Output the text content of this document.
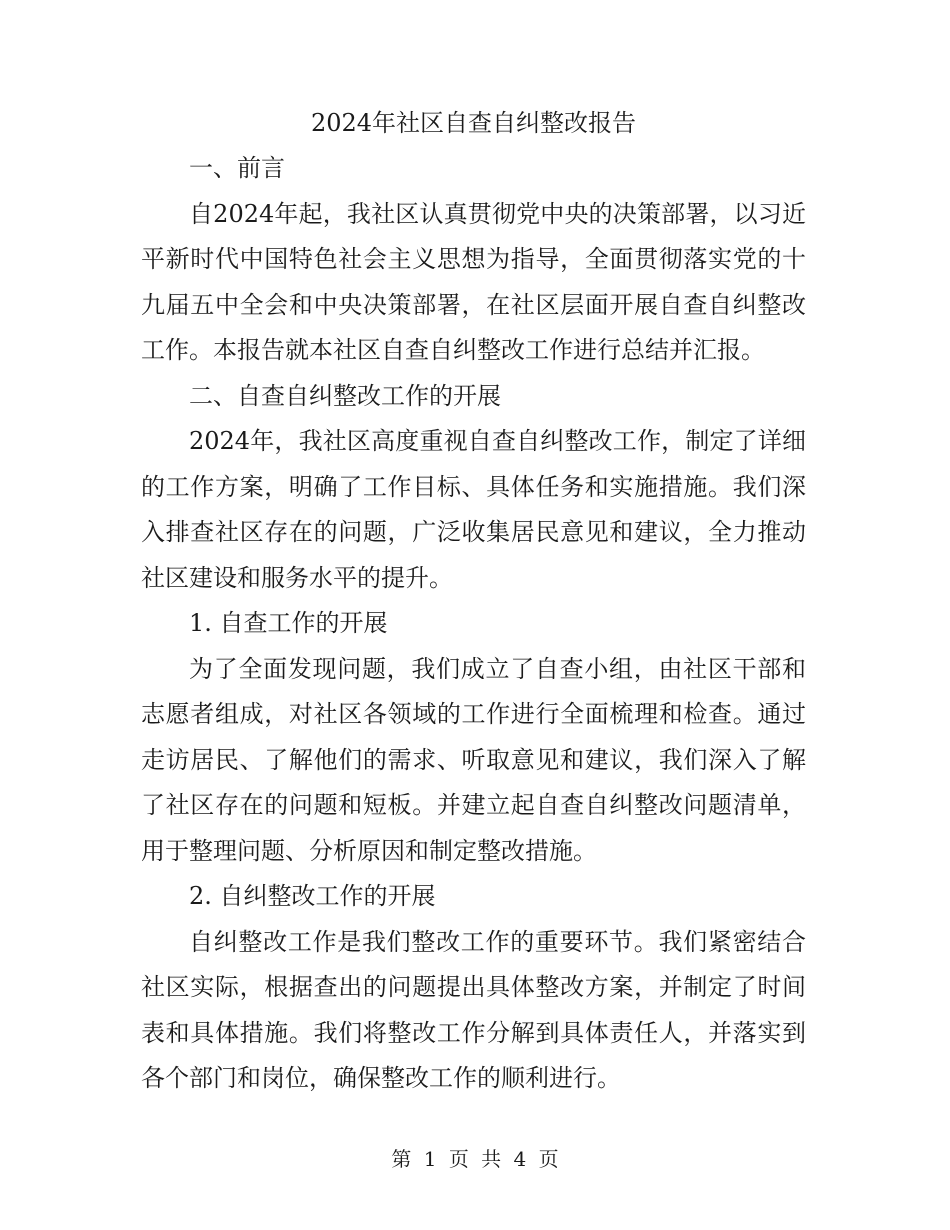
2024年社区自查自纠整改报告

一、前言

自2024年起，我社区认真贯彻党中央的决策部署，以习近平新时代中国特色社会主义思想为指导，全面贯彻落实党的十九届五中全会和中央决策部署，在社区层面开展自查自纠整改工作。本报告就本社区自查自纠整改工作进行总结并汇报。

二、自查自纠整改工作的开展

2024年，我社区高度重视自查自纠整改工作，制定了详细的工作方案，明确了工作目标、具体任务和实施措施。我们深入排查社区存在的问题，广泛收集居民意见和建议，全力推动社区建设和服务水平的提升。

1. 自查工作的开展

为了全面发现问题，我们成立了自查小组，由社区干部和志愿者组成，对社区各领域的工作进行全面梳理和检查。通过走访居民、了解他们的需求、听取意见和建议，我们深入了解了社区存在的问题和短板。并建立起自查自纠整改问题清单，用于整理问题、分析原因和制定整改措施。

2. 自纠整改工作的开展

自纠整改工作是我们整改工作的重要环节。我们紧密结合社区实际，根据查出的问题提出具体整改方案，并制定了时间表和具体措施。我们将整改工作分解到具体责任人，并落实到各个部门和岗位，确保整改工作的顺利进行。

第 1 页 共 4 页
